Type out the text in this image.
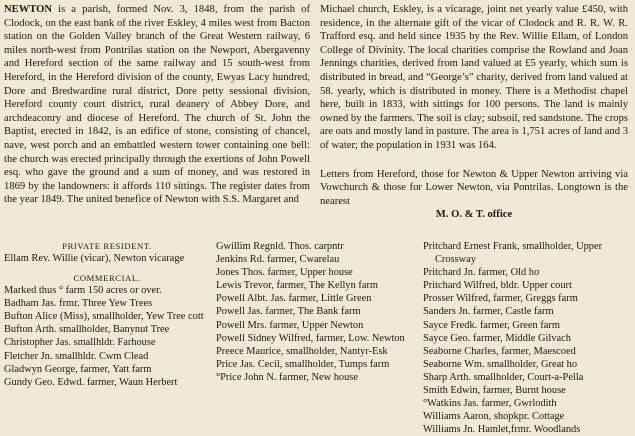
NEWTON is a parish, formed Nov. 3, 1848, from the parish of Clodock, on the east bank of the river Eskley, 4 miles west from Bacton station on the Golden Valley branch of the Great Western railway, 6 miles north-west from Pontrilas station on the Newport, Abergavenny and Hereford section of the same railway and 15 south-west from Hereford, in the Hereford division of the county, Ewyas Lacy hundred, Dore and Bredwardine rural district, Dore petty sessional division, Hereford county court district, rural deanery of Abbey Dore, and archdeaconry and diocese of Hereford. The church of St. John the Baptist, erected in 1842, is an edifice of stone, consisting of chancel, nave, west porch and an embattled western tower containing one bell: the church was erected principally through the exertions of John Powell esq. who gave the ground and a sum of money, and was restored in 1869 by the landowners: it affords 110 sittings. The register dates from the year 1849. The united benefice of Newton with S.S. Margaret and

Michael church, Eskley, is a vicarage, joint net yearly value £450, with residence, in the alternate gift of the vicar of Clodock and R. R. W. R. Trafford esq. and held since 1935 by the Rev. Willie Ellam, of London College of Divinity. The local charities comprise the Rowland and Joan Jennings charities, derived from land valued at £5 yearly, which sum is distributed in bread, and “George’s” charity, derived from land valued at 58. yearly, which is distributed in money. There is a Methodist chapel here, built in 1833, with sittings for 100 persons. The land is mainly owned by the farmers. The soil is clay; subsoil, red sandstone. The crops are oats and mostly land in pasture. The area is 1,751 acres of land and 3 of water; the population in 1931 was 164.

Letters from Hereford, those for Newton & Upper Newton arriving via Vowchurch & those for Lower Newton, via Pontrilas. Longtown is the nearest

M. O. & T. office

PRIVATE RESIDENT.

Ellam Rev. Willie (vicar), Newton vicarage

COMMERCIAL.

Marked thus ° farm 150 acres or over.

Badham Jas. frmr. Three Yew Trees

Bufton Alice (Miss), smallholder, Yew Tree cott

Bufton Arth. smallholder, Banynut Tree

Christopher Jas. smallhldr. Farhouse

Fletcher Jn. smallhldr. Cwm Clead

Gladwyn George, farmer, Yatt farm

Gundy Geo. Edwd. farmer, Waun Herbert

Gwillim Regnld. Thos. carpntr

Jenkins Rd. farmer, Cwarelau

Jones Thos. farmer, Upper house

Lewis Trevor, farmer, The Kellyn farm

Powell Albt. Jas. farmer, Little Green

Powell Jas. farmer, The Bank farm

Powell Mrs. farmer, Upper Newton

Powell Sidney Wilfred, farmer, Low. Newton

Preece Maurice, smallholder, Nantyr-Esk

Price Jas. Cecil, smallholder, Tumps farm

°Price John N. farmer, New house

Pritchard Ernest Frank, smallholder, Upper Crossway

Pritchard Jn. farmer, Old ho

Pritchard Wilfred, bldr. Upper court

Prosser Wilfred, farmer, Greggs farm

Sanders Jn. farmer, Castle farm

Sayce Fredk. farmer, Green farm

Sayce Geo. farmer, Middle Gilvach

Seaborne Charles, farmer, Maescoed

Seaborne Wm. smallholder, Great ho

Sharp Arth. smallholder, Court-a-Pella

Smith Edwin, farmer, Burnt house

°Watkins Jas. farmer, Gwrlodith

Williams Aaron, shopkpr. Cottage

Williams Jn. Hamlet,frmr. Woodlands
